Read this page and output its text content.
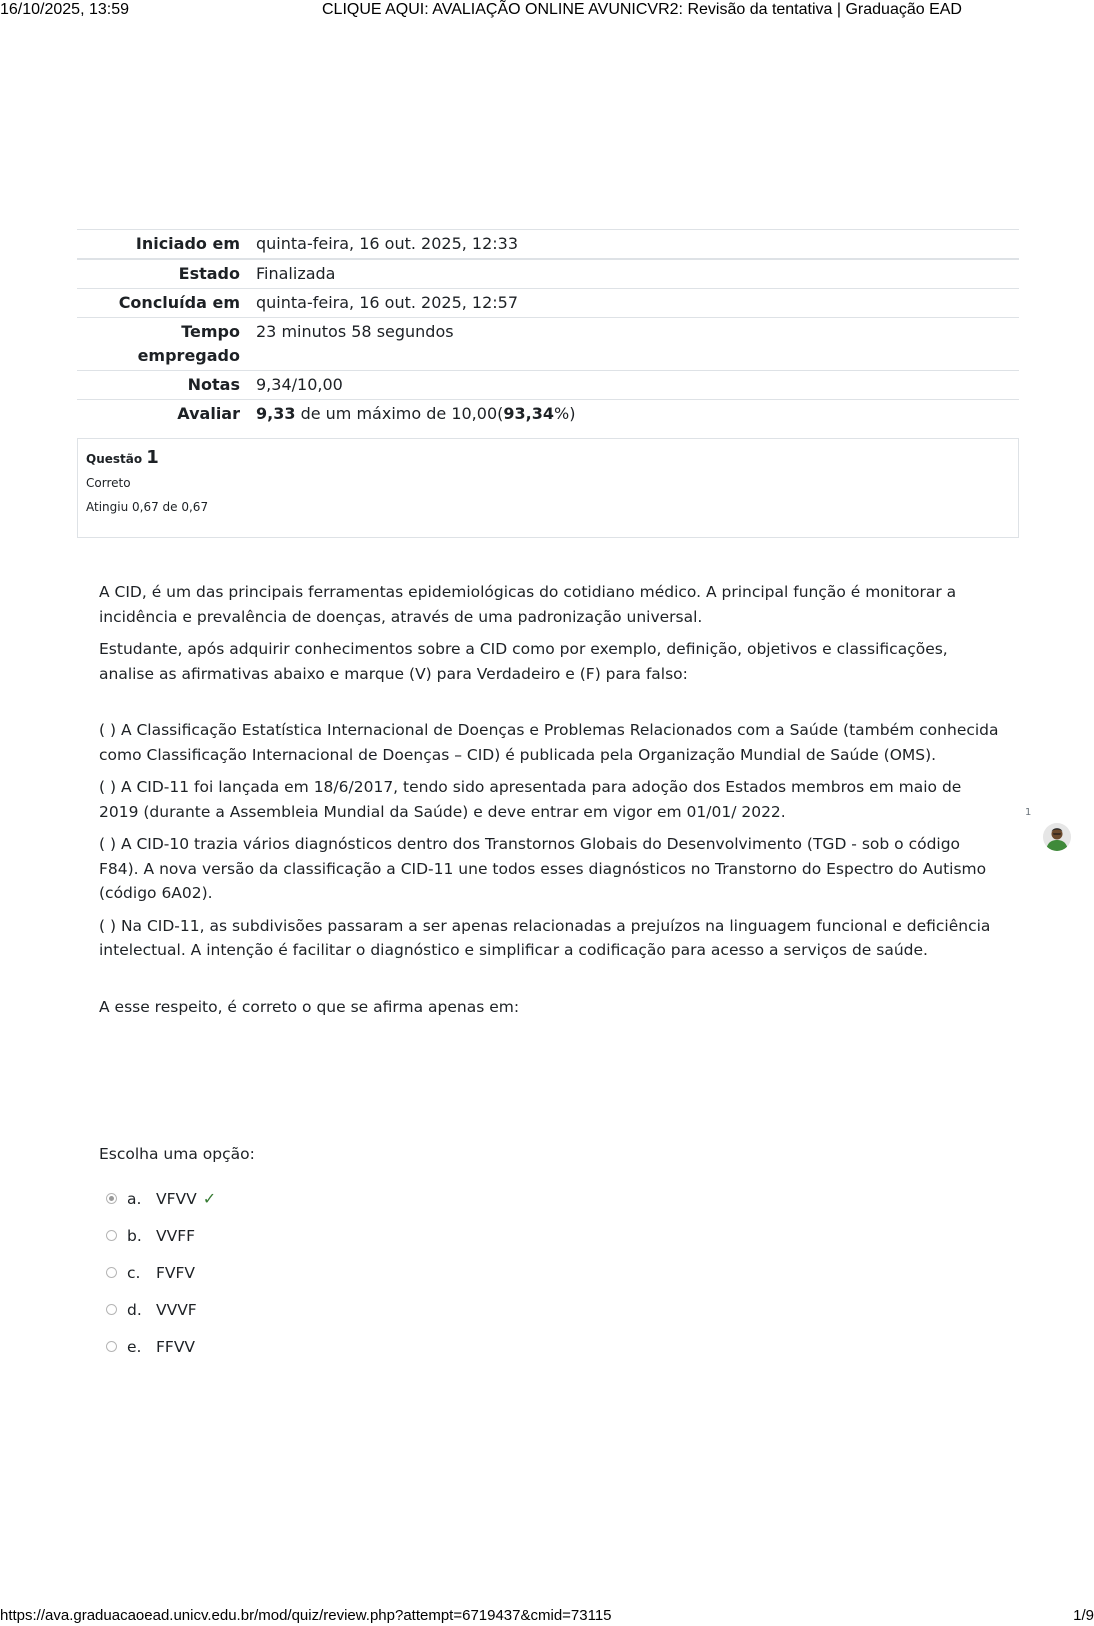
16/10/2025, 13:59	CLIQUE AQUI: AVALIAÇÃO ONLINE AVUNICVR2: Revisão da tentativa | Graduação EAD
Iniciado em	quinta-feira, 16 out. 2025, 12:33
Estado	Finalizada
Concluída em	quinta-feira, 16 out. 2025, 12:57
Tempo
empregado	23 minutos 58 segundos
Notas	9,34/10,00
Avaliar	9,33 de um máximo de 10,00(93,34%)
Questão 1
Correto
Atingiu 0,67 de 0,67

A CID, é um das principais ferramentas epidemiológicas do cotidiano médico. A principal função é monitorar a incidência e prevalência de doenças, através de uma padronização universal.

Estudante, após adquirir conhecimentos sobre a CID como por exemplo, definição, objetivos e classificações, analise as afirmativas abaixo e marque (V) para Verdadeiro e (F) para falso:

( ) A Classificação Estatística Internacional de Doenças e Problemas Relacionados com a Saúde (também conhecida como Classificação Internacional de Doenças – CID) é publicada pela Organização Mundial de Saúde (OMS).

( ) A CID-11 foi lançada em 18/6/2017, tendo sido apresentada para adoção dos Estados membros em maio de 2019 (durante a Assembleia Mundial da Saúde) e deve entrar em vigor em 01/01/ 2022.

( ) A CID-10 trazia vários diagnósticos dentro dos Transtornos Globais do Desenvolvimento (TGD - sob o código F84). A nova versão da classificação a CID-11 une todos esses diagnósticos no Transtorno do Espectro do Autismo (código 6A02).

( ) Na CID-11, as subdivisões passaram a ser apenas relacionadas a prejuízos na linguagem funcional e deficiência intelectual. A intenção é facilitar o diagnóstico e simplificar a codificação para acesso a serviços de saúde.

A esse respeito, é correto o que se afirma apenas em:

Escolha uma opção:
a. VFVV ✓
b. VVFF
c.	FVFV
d. VVVF
e. FFVV
1
https://ava.graduacaoead.unicv.edu.br/mod/quiz/review.php?attempt=6719437&cmid=73115	1/9
